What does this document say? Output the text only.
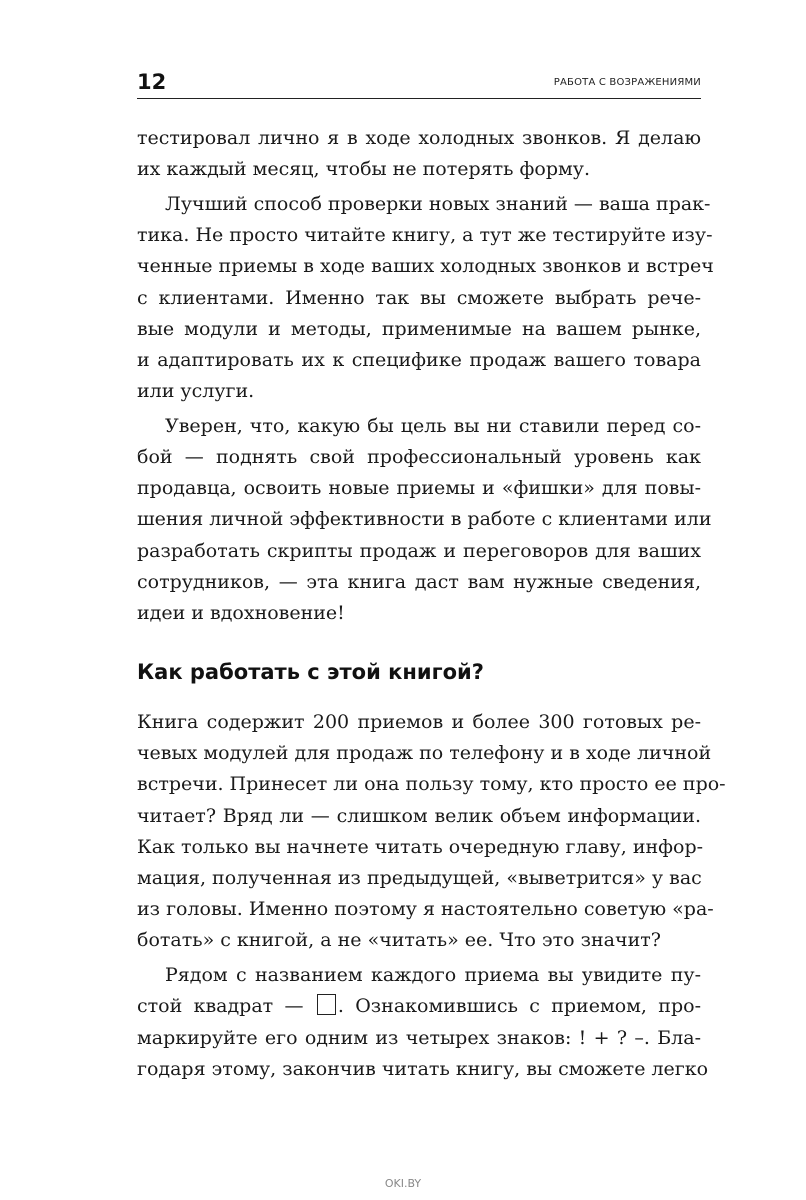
12	РАБОТА С ВОЗРАЖЕНИЯМИ

тестировал лично я в ходе холодных звонков. Я делаю
их каждый месяц, чтобы не потерять форму.

Лучший способ проверки новых знаний — ваша прак-
тика. Не просто читайте книгу, а тут же тестируйте изу-
ченные приемы в ходе ваших холодных звонков и встреч
с клиентами. Именно так вы сможете выбрать рече-
вые модули и методы, применимые на вашем рынке,
и адаптировать их к специфике продаж вашего товара
или услуги.

Уверен, что, какую бы цель вы ни ставили перед со-
бой — поднять свой профессиональный уровень как
продавца, освоить новые приемы и «фишки» для повы-
шения личной эффективности в работе с клиентами или
разработать скрипты продаж и переговоров для ваших
сотрудников, — эта книга даст вам нужные сведения,
идеи и вдохновение!

Как работать с этой книгой?

Книга содержит 200 приемов и более 300 готовых ре-
чевых модулей для продаж по телефону и в ходе личной
встречи. Принесет ли она пользу тому, кто просто ее про-
читает? Вряд ли — слишком велик объем информации.
Как только вы начнете читать очередную главу, инфор-
мация, полученная из предыдущей, «выветрится» у вас
из головы. Именно поэтому я настоятельно советую «ра-
ботать» с книгой, а не «читать» ее. Что это значит?

Рядом с названием каждого приема вы увидите пу-
стой квадрат — . Ознакомившись с приемом, про-
маркируйте его одним из четырех знаков: ! + ? –. Бла-
годаря этому, закончив читать книгу, вы сможете легко

OKI.BY
